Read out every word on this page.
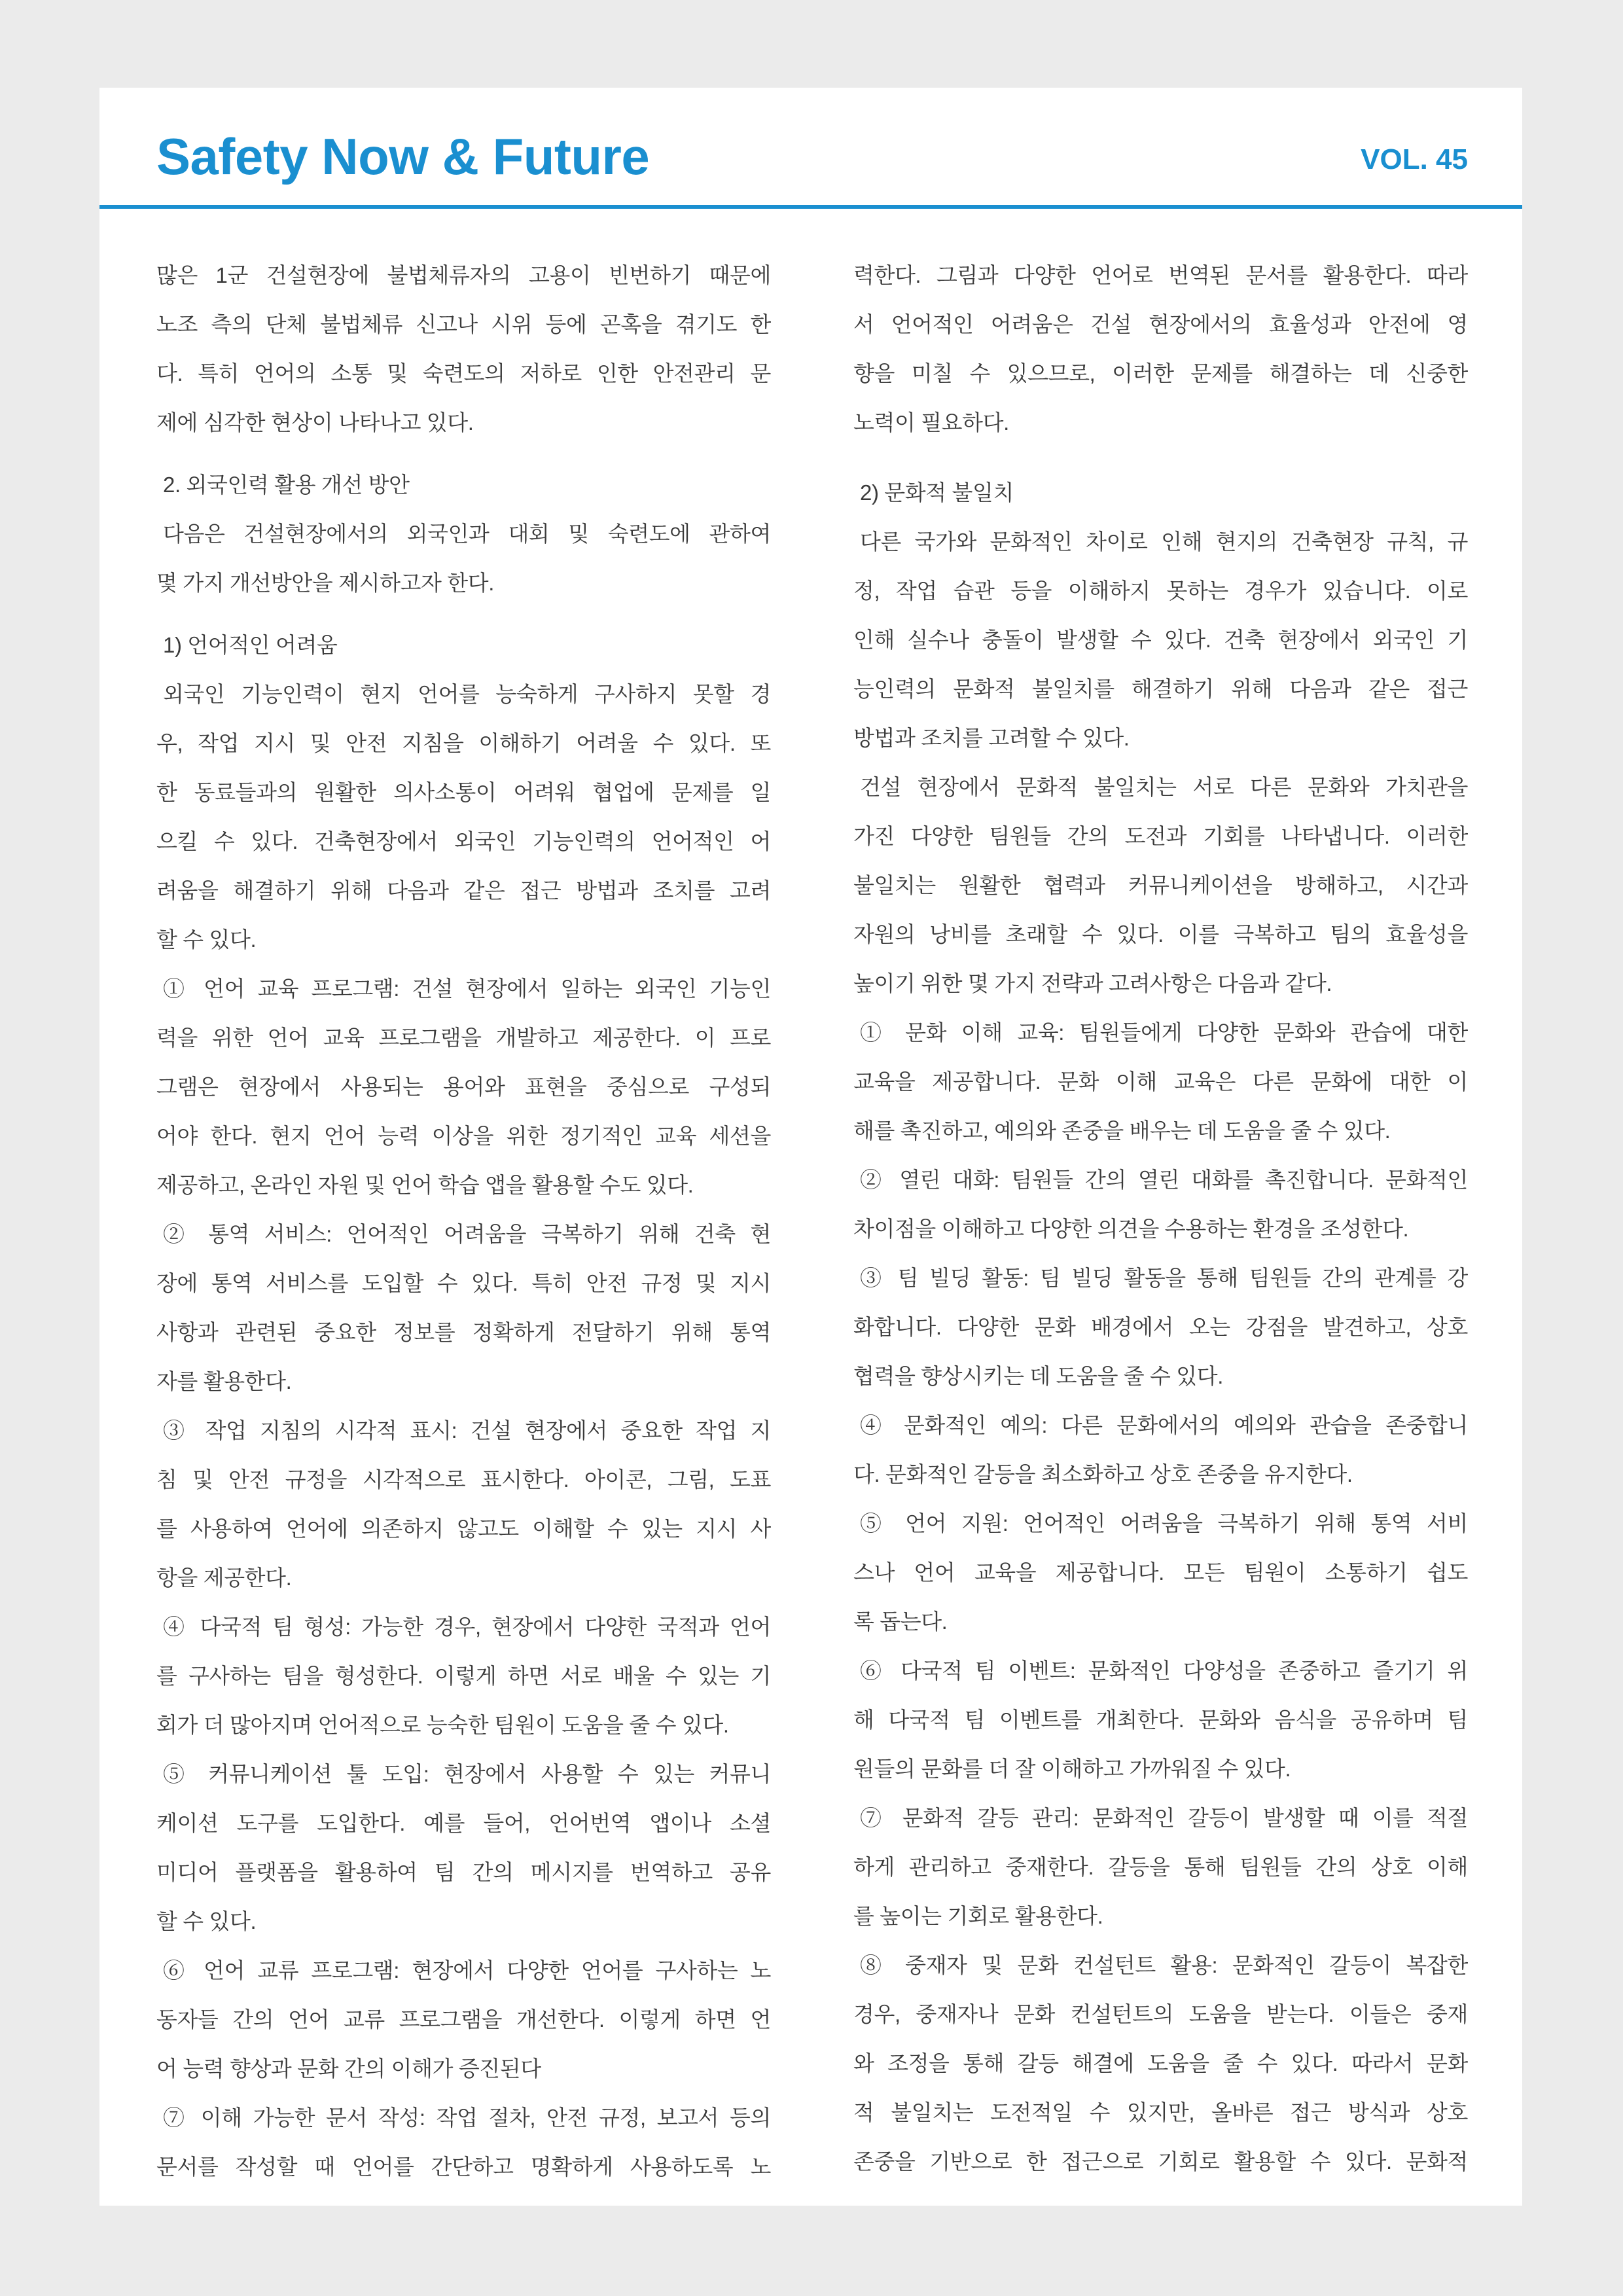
Safety Now & Future	VOL. 45
많은 1군 건설현장에 불법체류자의 고용이 빈번하기 때문에
노조 측의 단체 불법체류 신고나 시위 등에 곤혹을 겪기도 한
다. 특히 언어의 소통 및 숙련도의 저하로 인한 안전관리 문
제에 심각한 현상이 나타나고 있다.
2. 외국인력 활용 개선 방안
다음은 건설현장에서의 외국인과 대회 및 숙련도에 관하여
몇 가지 개선방안을 제시하고자 한다.
1) 언어적인 어려움
외국인 기능인력이 현지 언어를 능숙하게 구사하지 못할 경
우, 작업 지시 및 안전 지침을 이해하기 어려울 수 있다. 또
한 동료들과의 원활한 의사소통이 어려워 협업에 문제를 일
으킬 수 있다. 건축현장에서 외국인 기능인력의 언어적인 어
려움을 해결하기 위해 다음과 같은 접근 방법과 조치를 고려
할 수 있다.
① 언어 교육 프로그램: 건설 현장에서 일하는 외국인 기능인
력을 위한 언어 교육 프로그램을 개발하고 제공한다. 이 프로
그램은 현장에서 사용되는 용어와 표현을 중심으로 구성되
어야 한다. 현지 언어 능력 이상을 위한 정기적인 교육 세션을
제공하고, 온라인 자원 및 언어 학습 앱을 활용할 수도 있다.
② 통역 서비스: 언어적인 어려움을 극복하기 위해 건축 현
장에 통역 서비스를 도입할 수 있다. 특히 안전 규정 및 지시
사항과 관련된 중요한 정보를 정확하게 전달하기 위해 통역
자를 활용한다.
③ 작업 지침의 시각적 표시: 건설 현장에서 중요한 작업 지
침 및 안전 규정을 시각적으로 표시한다. 아이콘, 그림, 도표
를 사용하여 언어에 의존하지 않고도 이해할 수 있는 지시 사
항을 제공한다.
④ 다국적 팀 형성: 가능한 경우, 현장에서 다양한 국적과 언어
를 구사하는 팀을 형성한다. 이렇게 하면 서로 배울 수 있는 기
회가 더 많아지며 언어적으로 능숙한 팀원이 도움을 줄 수 있다.
⑤ 커뮤니케이션 툴 도입: 현장에서 사용할 수 있는 커뮤니
케이션 도구를 도입한다. 예를 들어, 언어번역 앱이나 소셜
미디어 플랫폼을 활용하여 팀 간의 메시지를 번역하고 공유
할 수 있다.
⑥ 언어 교류 프로그램: 현장에서 다양한 언어를 구사하는 노
동자들 간의 언어 교류 프로그램을 개선한다. 이렇게 하면 언
어 능력 향상과 문화 간의 이해가 증진된다
⑦ 이해 가능한 문서 작성: 작업 절차, 안전 규정, 보고서 등의
문서를 작성할 때 언어를 간단하고 명확하게 사용하도록 노
력한다. 그림과 다양한 언어로 번역된 문서를 활용한다. 따라
서 언어적인 어려움은 건설 현장에서의 효율성과 안전에 영
향을 미칠 수 있으므로, 이러한 문제를 해결하는 데 신중한
노력이 필요하다.
2) 문화적 불일치
다른 국가와 문화적인 차이로 인해 현지의 건축현장 규칙, 규
정, 작업 습관 등을 이해하지 못하는 경우가 있습니다. 이로
인해 실수나 충돌이 발생할 수 있다. 건축 현장에서 외국인 기
능인력의 문화적 불일치를 해결하기 위해 다음과 같은 접근
방법과 조치를 고려할 수 있다.
건설 현장에서 문화적 불일치는 서로 다른 문화와 가치관을
가진 다양한 팀원들 간의 도전과 기회를 나타냅니다. 이러한
불일치는 원활한 협력과 커뮤니케이션을 방해하고, 시간과
자원의 낭비를 초래할 수 있다. 이를 극복하고 팀의 효율성을
높이기 위한 몇 가지 전략과 고려사항은 다음과 같다.
① 문화 이해 교육: 팀원들에게 다양한 문화와 관습에 대한
교육을 제공합니다. 문화 이해 교육은 다른 문화에 대한 이
해를 촉진하고, 예의와 존중을 배우는 데 도움을 줄 수 있다.
② 열린 대화: 팀원들 간의 열린 대화를 촉진합니다. 문화적인
차이점을 이해하고 다양한 의견을 수용하는 환경을 조성한다.
③ 팀 빌딩 활동: 팀 빌딩 활동을 통해 팀원들 간의 관계를 강
화합니다. 다양한 문화 배경에서 오는 강점을 발견하고, 상호
협력을 향상시키는 데 도움을 줄 수 있다.
④ 문화적인 예의: 다른 문화에서의 예의와 관습을 존중합니
다. 문화적인 갈등을 최소화하고 상호 존중을 유지한다.
⑤ 언어 지원: 언어적인 어려움을 극복하기 위해 통역 서비
스나 언어 교육을 제공합니다. 모든 팀원이 소통하기 쉽도
록 돕는다.
⑥ 다국적 팀 이벤트: 문화적인 다양성을 존중하고 즐기기 위
해 다국적 팀 이벤트를 개최한다. 문화와 음식을 공유하며 팀
원들의 문화를 더 잘 이해하고 가까워질 수 있다.
⑦ 문화적 갈등 관리: 문화적인 갈등이 발생할 때 이를 적절
하게 관리하고 중재한다. 갈등을 통해 팀원들 간의 상호 이해
를 높이는 기회로 활용한다.
⑧ 중재자 및 문화 컨설턴트 활용: 문화적인 갈등이 복잡한
경우, 중재자나 문화 컨설턴트의 도움을 받는다. 이들은 중재
와 조정을 통해 갈등 해결에 도움을 줄 수 있다. 따라서 문화
적 불일치는 도전적일 수 있지만, 올바른 접근 방식과 상호
존중을 기반으로 한 접근으로 기회로 활용할 수 있다. 문화적
